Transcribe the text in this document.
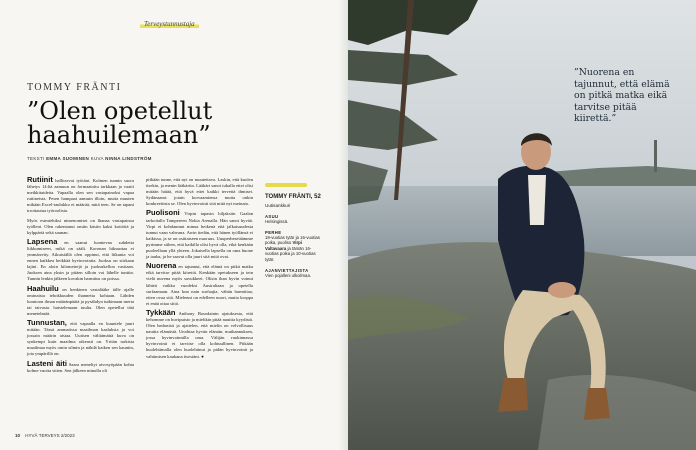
Terveystunnustaja
TOMMY FRÄNTI
”Olen opetellut
haahuilemaan”
TEKSTI EMMA SUOMINEN KUVA NINNA LINDSTRÖM

Rutiinit hallitsevat työtäni. Kolmen tunnin suora lähetys 14:ltä aamuun on formaatoitu tarkkaan ja vaatii meikkitaidetta. Vapaalla olen sen vastapainoksi vapaa rutiineista. Pesen hampaat aamuin illoin, mutta muuten mikään Excel-taulukko ei määrää, mitä teen. Se on tapani irrottautua työroolista.

Myös esimiehiksi nimenomiset on lhanaa vastapainoa työlleni. Olen rakentanut omiin käsiin kaksi kotiöitä ja kylppäriä sekä saunan.

Lapsena en saanut luontevaa suhdetta liikkumiseen, mikä on sääli. Koronan hiksuntaa ei ymmärretty. Aikuisiällä olen oppinut, että liikunta voi ennen kaikkea heikkää hyvinvointia. Juoksu on siirkaan lajini. En aloin kilometrejä ja juoksukellon vastiaan. Juoksen aina yksin ja pitäen silloin voi lähelle tuntiin. Tunnin lenkin jälkeen kovakin harmitus on poissa.

Haahuilu on henkinen vastalääke tälle ajalle ominaista tehokkuuden ihannetta kohtaan. Lähden luontoon ilman määränpäätä ja pysähdyn tutkimaan merta tai taivasta. haistelemaan tuulta. Olen opetellut tätä menetelmää.

Tunnustan, että vapaalla en kuuntele juuri mitään. Tässä ammatissa maailman kaaluksia ja voi jossain määrin aistaa. Uutisen välttämättä kuva on synkempi kuin maailma oikeasti on. Yritän tarkista maailmaa myös omin silmin ja nähdä kaiken sen kauniin, jota ympärillä on.

Lasteni äiti Saara meneltyi aivosyöpään kohta kolme vuotta sitten. Sen jälkeen minulla oli

pitkään tunne, että nyt on muutettava. Laskin, että kuolen itsekin, ja menin lääkäriin. Lääkäri sanoi tukalla ettei olisi mitään hätää, että hyvä ettei kaikki terveitä ihmiset. Sydänaarut jotain korvaamiensa mutta onkin konkreettista se. Olen hyvinvointi sitä mitä nyt meinata.

Puolisoni Virpin tapasin hiljaksiin Gaalan tarkoitalla Tampereen Nokia Arenalla. Hän sanoi hyvää. Virpi ei kohdanmut minua heikenä että jalkaisuudesta tunnut vaan vahvana. Arrin tiedän, että hänen työllänsä ei kaikissa, ja se on osittaiseen nuoruus. Uuuperhesetäämme pyrimme siihen, että kaikilla olisi hyvä olla, eikä kenkään puoleellaan yllä yhteen. Jokaisella lapsella on oma huone ja tauha, ja he saavat olla juuri sitä mitä ovat.

Nuorena en tajunnut, että elämä on pitkä matka eikä tarvitse pitää kiirettä. Kenkään opetukseen ja tein vielä nuvena myös savukkeet. Olisin ihan hyvin voinut lähteä vaikka vuodeksi Australiaan ja opetella surfaamaan. Aina kun nain surfaajia, vähän harmittaa, etten ovaa sitä. Mielenni on edelleen nuori, mutta kroppa ei enää ottaa siitä.

Tykkään Anthony Bourdainin ajatuksesta, että kehomme on huvipuisto ja mielikin pitää nauttia kyydistä. Olen hedonisti ja ajattelen, että mielin on velvollisuus nauttia elämästä. Unohtaa hyvän elämän, mutkannuksen, jossa hyvinvoinnilla oma. Välijän ruokinnassa hyvinvointi ei tarvitse olla kohtuullinen. Pitkään huolehtimalla olen huolehtinut ja pidän hyvinvointi ja vahtimisen kaukana itsestäni. ●

TOMMY FRÄNTI, 52

Uutisankkuri

ASUU

Helsingissä.

PERHE

19-vuotias tytär ja 16-vuotias poika, puoliso Virpi Valtavaara ja tämän 16-vuotias poika ja 10-vuotias tytär.

AJANVIETTAJISTA

Vien pojalleni ulkoilmaa.

10 HYVÄ TERVEYS 2/2023

”Nuorena en tajunnut, että elämä on pitkä matka eikä tarvitse pitää kiirettä.”
